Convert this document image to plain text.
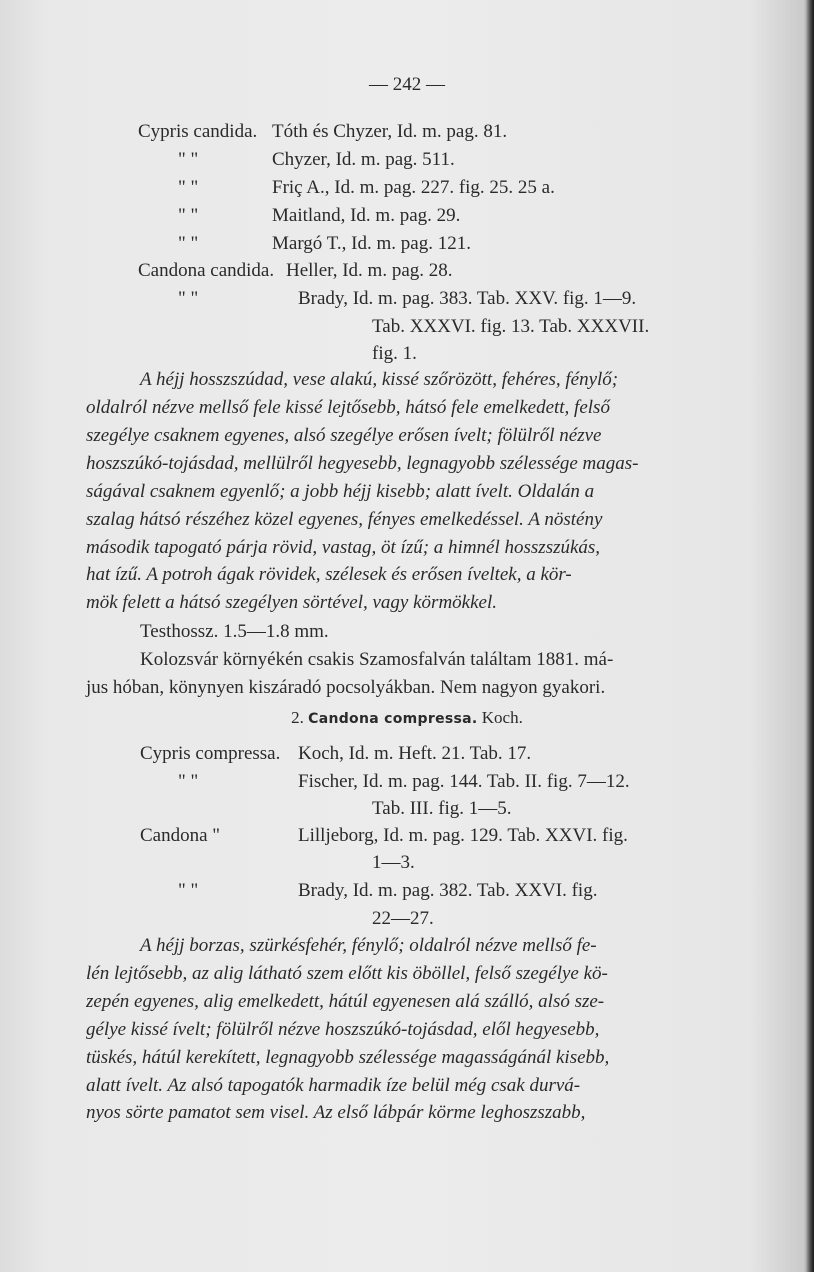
— 242 —
Cypris candida. Tóth és Chyzer, Id. m. pag. 81.
" "	Chyzer, Id. m. pag. 511.
" "	Friç A., Id. m. pag. 227. fig. 25. 25 a.
" "	Maitland, Id. m. pag. 29.
" "	Margó T., Id. m. pag. 121.
Candona candida. Heller, Id. m. pag. 28.
" "	Brady, Id. m. pag. 383. Tab. XXV. fig. 1—9.
Tab. XXXVI. fig. 13. Tab. XXXVII.
fig. 1.
A héjj hosszszúdad, vese alakú, kissé szőrözött, fehéres, fénylő;
oldalról nézve mellső fele kissé lejtősebb, hátsó fele emelkedett, felső
szegélye csaknem egyenes, alsó szegélye erősen ívelt; fölülről nézve
hoszszúkó-tojásdad, mellülről hegyesebb, legnagyobb szélessége magas-
ságával csaknem egyenlő; a jobb héjj kisebb; alatt ívelt. Oldalán a
szalag hátsó részéhez közel egyenes, fényes emelkedéssel. A nöstény
második tapogató párja rövid, vastag, öt ízű; a himnél hosszszúkás,
hat ízű. A potroh ágak rövidek, szélesek és erősen íveltek, a kör-
mök felett a hátsó szegélyen sörtével, vagy körmökkel.
Testhossz. 1.5—1.8 mm.
Kolozsvár környékén csakis Szamosfalván találtam 1881. má-
jus hóban, könynyen kiszáradó pocsolyákban. Nem nagyon gyakori.
2. Candona compressa. Koch.
Cypris compressa. Koch, Id. m. Heft. 21. Tab. 17.
" "	Fischer, Id. m. pag. 144. Tab. II. fig. 7—12.
Tab. III. fig. 1—5.
Candona "	Lilljeborg, Id. m. pag. 129. Tab. XXVI. fig.
1—3.
" "	Brady, Id. m. pag. 382. Tab. XXVI. fig.
22—27.
A héjj borzas, szürkésfehér, fénylő; oldalról nézve mellső fe-
lén lejtősebb, az alig látható szem előtt kis öböllel, felső szegélye kö-
zepén egyenes, alig emelkedett, hátúl egyenesen alá szálló, alsó sze-
gélye kissé ívelt; fölülről nézve hoszszúkó-tojásdad, elől hegyesebb,
tüskés, hátúl kerekített, legnagyobb szélessége magasságánál kisebb,
alatt ívelt. Az alsó tapogatók harmadik íze belül még csak durvá-
nyos sörte pamatot sem visel. Az első lábpár körme leghoszszabb,
